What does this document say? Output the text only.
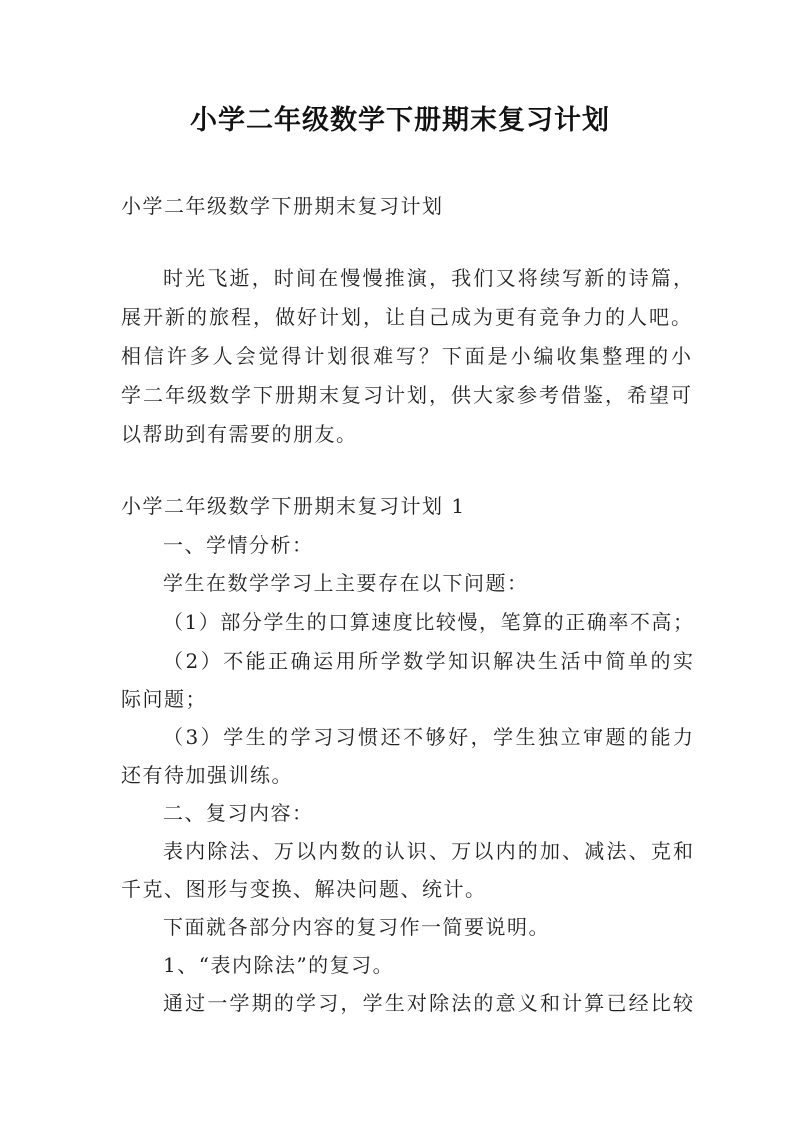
小学二年级数学下册期末复习计划

小学二年级数学下册期末复习计划

时光飞逝，时间在慢慢推演，我们又将续写新的诗篇，

展开新的旅程，做好计划，让自己成为更有竞争力的人吧。

相信许多人会觉得计划很难写？下面是小编收集整理的小

学二年级数学下册期末复习计划，供大家参考借鉴，希望可

以帮助到有需要的朋友。

小学二年级数学下册期末复习计划 1

一、学情分析：

学生在数学学习上主要存在以下问题：

（1）部分学生的口算速度比较慢，笔算的正确率不高；

（2）不能正确运用所学数学知识解决生活中简单的实

际问题；

（3）学生的学习习惯还不够好，学生独立审题的能力

还有待加强训练。

二、复习内容：

表内除法、万以内数的认识、万以内的加、减法、克和

千克、图形与变换、解决问题、统计。

下面就各部分内容的复习作一简要说明。

1、“表内除法”的复习。

通过一学期的学习，学生对除法的意义和计算已经比较
